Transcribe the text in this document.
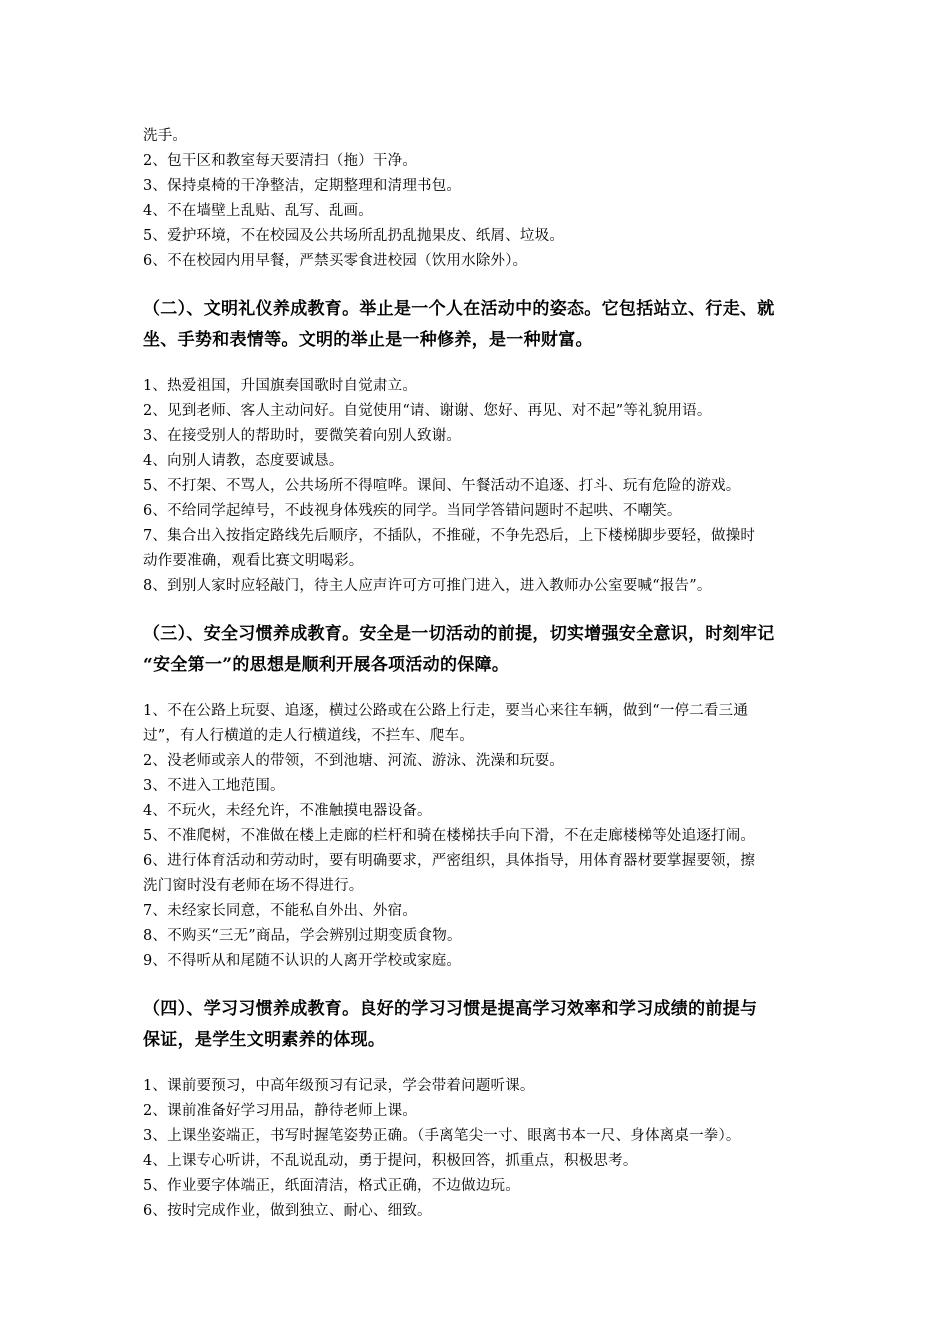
洗手。
2、包干区和教室每天要清扫（拖）干净。
3、保持桌椅的干净整洁，定期整理和清理书包。
4、不在墙壁上乱贴、乱写、乱画。
5、爱护环境，不在校园及公共场所乱扔乱抛果皮、纸屑、垃圾。
6、不在校园内用早餐，严禁买零食进校园（饮用水除外）。
（二）、文明礼仪养成教育。举止是一个人在活动中的姿态。它包括站立、行走、就
坐、手势和表情等。文明的举止是一种修养，是一种财富。
1、热爱祖国，升国旗奏国歌时自觉肃立。
2、见到老师、客人主动问好。自觉使用“请、谢谢、您好、再见、对不起”等礼貌用语。
3、在接受别人的帮助时，要微笑着向别人致谢。
4、向别人请教，态度要诚恳。
5、不打架、不骂人，公共场所不得喧哗。课间、午餐活动不追逐、打斗、玩有危险的游戏。
6、不给同学起绰号，不歧视身体残疾的同学。当同学答错问题时不起哄、不嘲笑。
7、集合出入按指定路线先后顺序，不插队，不推碰，不争先恐后，上下楼梯脚步要轻，做操时
动作要准确，观看比赛文明喝彩。
8、到别人家时应轻敲门，待主人应声许可方可推门进入，进入教师办公室要喊“报告”。
（三）、安全习惯养成教育。安全是一切活动的前提，切实增强安全意识，时刻牢记
“安全第一”的思想是顺利开展各项活动的保障。
1、不在公路上玩耍、追逐，横过公路或在公路上行走，要当心来往车辆，做到“一停二看三通
过”，有人行横道的走人行横道线，不拦车、爬车。
2、没老师或亲人的带领，不到池塘、河流、游泳、洗澡和玩耍。
3、不进入工地范围。
4、不玩火，未经允许，不准触摸电器设备。
5、不准爬树，不准做在楼上走廊的栏杆和骑在楼梯扶手向下滑，不在走廊楼梯等处追逐打闹。
6、进行体育活动和劳动时，要有明确要求，严密组织，具体指导，用体育器材要掌握要领，擦
洗门窗时没有老师在场不得进行。
7、未经家长同意，不能私自外出、外宿。
8、不购买“三无”商品，学会辨别过期变质食物。
9、不得听从和尾随不认识的人离开学校或家庭。
（四）、学习习惯养成教育。良好的学习习惯是提高学习效率和学习成绩的前提与
保证，是学生文明素养的体现。
1、课前要预习，中高年级预习有记录，学会带着问题听课。
2、课前准备好学习用品，静待老师上课。
3、上课坐姿端正，书写时握笔姿势正确。（手离笔尖一寸、眼离书本一尺、身体离桌一拳）。
4、上课专心听讲，不乱说乱动，勇于提问，积极回答，抓重点，积极思考。
5、作业要字体端正，纸面清洁，格式正确，不边做边玩。
6、按时完成作业，做到独立、耐心、细致。
